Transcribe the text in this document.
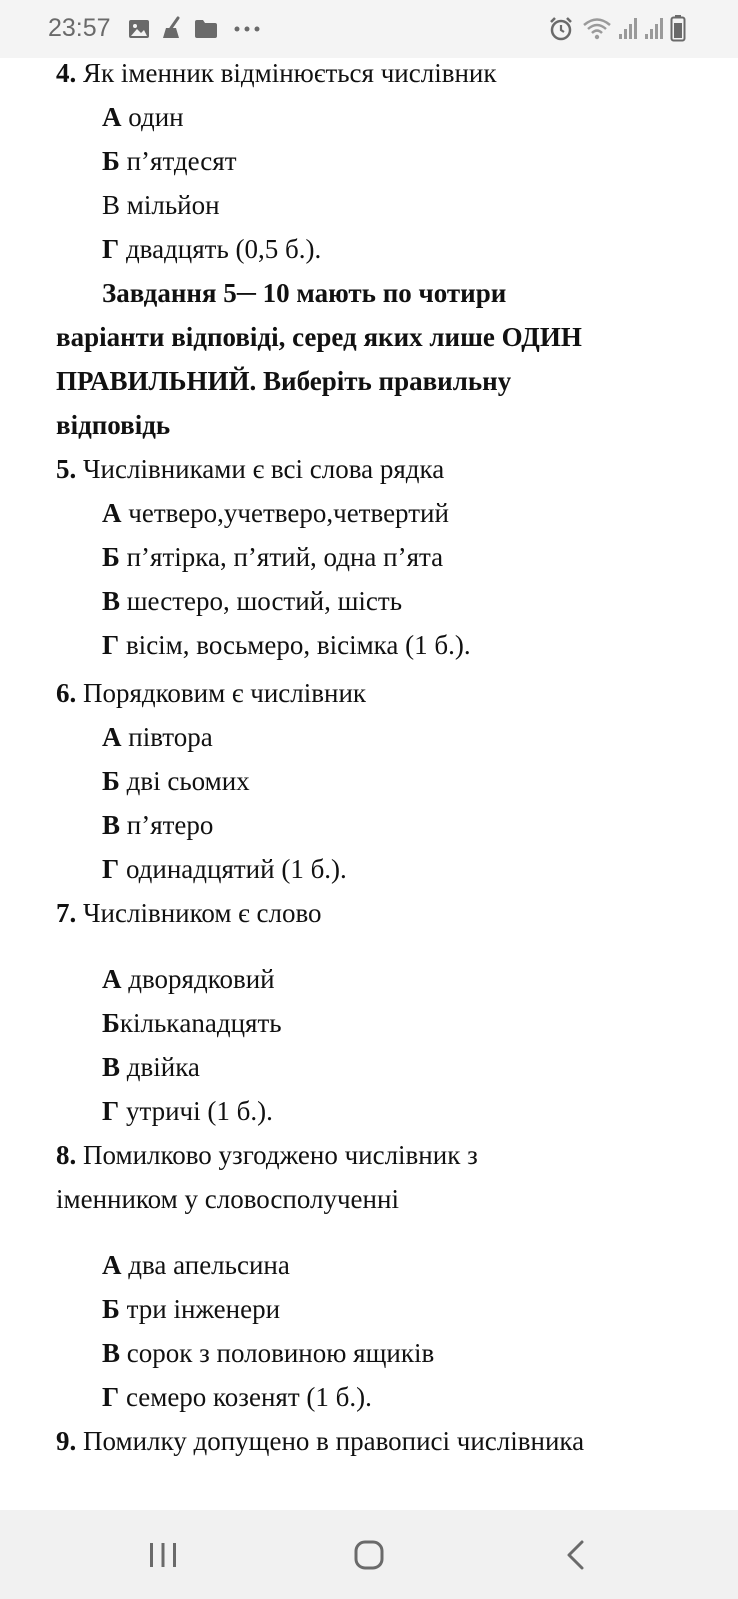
23:57
4. Як іменник відмінюється числівник
А один
Б п’ятдесят
В мільйон
Г двадцять (0,5 б.).
Завдання 5─ 10 мають по чотири
варіанти відповіді, серед яких лише ОДИН
ПРАВИЛЬНИЙ. Виберіть правильну
відповідь
5. Числівниками є всі слова рядка
А четверо,учетверо,четвертий
Б п’ятірка, п’ятий, одна п’ята
В шестеро, шостий, шість
Г вісім, восьмеро, вісімка (1 б.).
6. Порядковим є числівник
А півтора
Б дві сьомих
В п’ятеро
Г одинадцятий (1 б.).
7. Числівником є слово
А дворядковий
Бкількanaдцять
В двійка
Г утричі (1 б.).
8. Помилково узгоджено числівник з
іменником у словосполученні
А два апельсина
Б три інженери
В сорок з половиною ящиків
Г семеро козенят (1 б.).
9. Помилку допущено в правописі числівника
